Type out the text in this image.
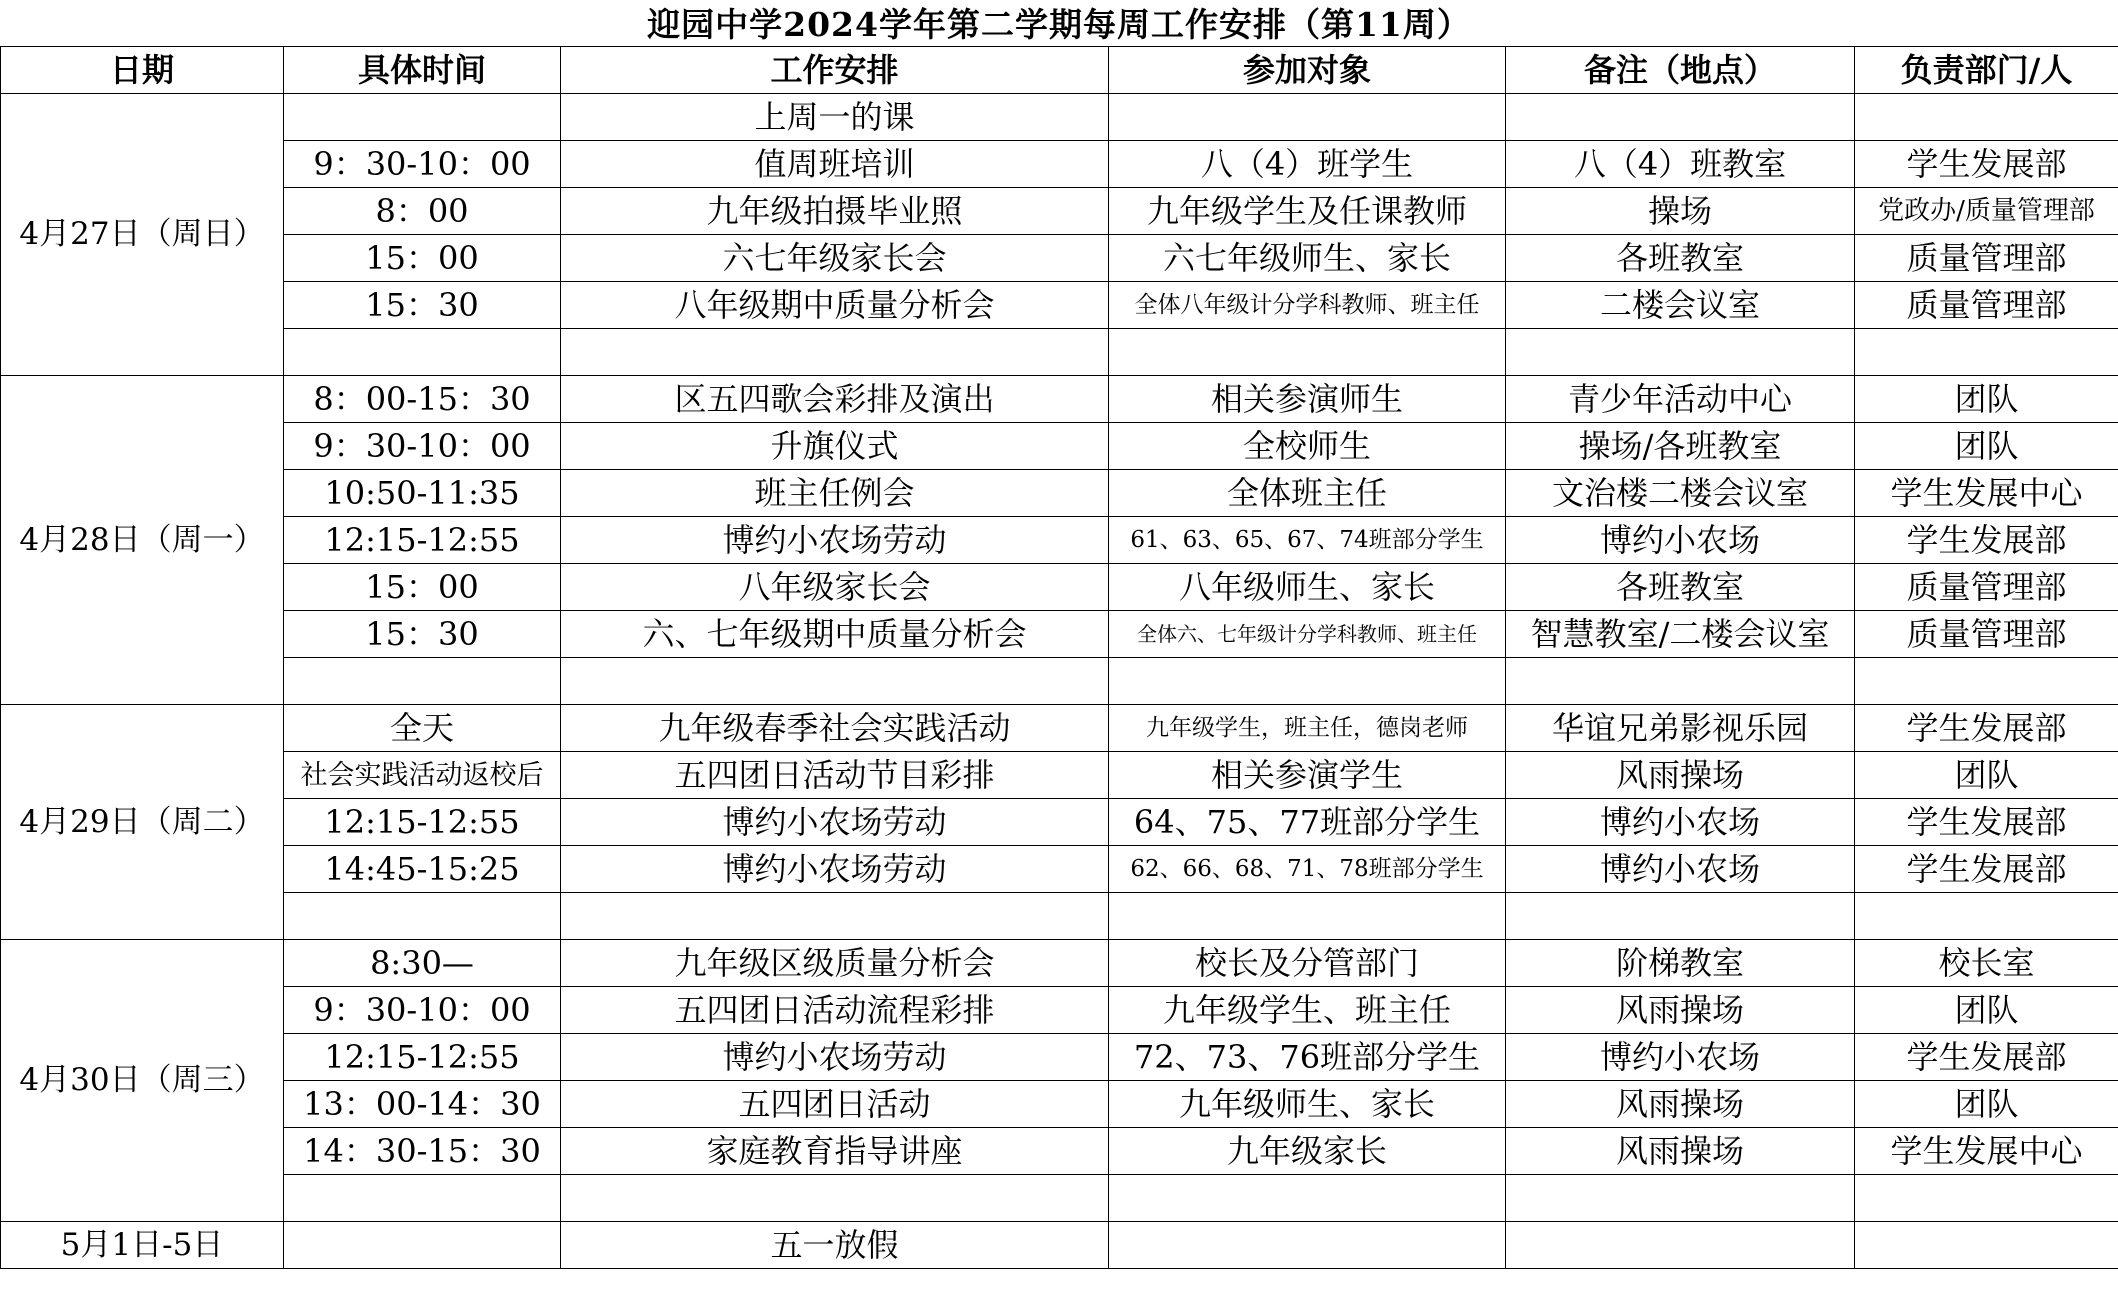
迎园中学2024学年第二学期每周工作安排（第11周）
日期	具体时间	工作安排	参加对象	备注（地点）	负责部门/人
4月27日（周日）		上周一的课			
	9：30-10：00	值周班培训	八（4）班学生	八（4）班教室	学生发展部
	8：00	九年级拍摄毕业照	九年级学生及任课教师	操场	党政办/质量管理部
	15：00	六七年级家长会	六七年级师生、家长	各班教室	质量管理部
	15：30	八年级期中质量分析会	全体八年级计分学科教师、班主任	二楼会议室	质量管理部

4月28日（周一）	8：00-15：30	区五四歌会彩排及演出	相关参演师生	青少年活动中心	团队
	9：30-10：00	升旗仪式	全校师生	操场/各班教室	团队
	10:50-11:35	班主任例会	全体班主任	文治楼二楼会议室	学生发展中心
	12:15-12:55	博约小农场劳动	61、63、65、67、74班部分学生	博约小农场	学生发展部
	15：00	八年级家长会	八年级师生、家长	各班教室	质量管理部
	15：30	六、七年级期中质量分析会	全体六、七年级计分学科教师、班主任	智慧教室/二楼会议室	质量管理部

4月29日（周二）	全天	九年级春季社会实践活动	九年级学生，班主任，德岗老师	华谊兄弟影视乐园	学生发展部
	社会实践活动返校后	五四团日活动节目彩排	相关参演学生	风雨操场	团队
	12:15-12:55	博约小农场劳动	64、75、77班部分学生	博约小农场	学生发展部
	14:45-15:25	博约小农场劳动	62、66、68、71、78班部分学生	博约小农场	学生发展部

4月30日（周三）	8:30—	九年级区级质量分析会	校长及分管部门	阶梯教室	校长室
	9：30-10：00	五四团日活动流程彩排	九年级学生、班主任	风雨操场	团队
	12:15-12:55	博约小农场劳动	72、73、76班部分学生	博约小农场	学生发展部
	13：00-14：30	五四团日活动	九年级师生、家长	风雨操场	团队
	14：30-15：30	家庭教育指导讲座	九年级家长	风雨操场	学生发展中心

5月1日-5日		五一放假			
